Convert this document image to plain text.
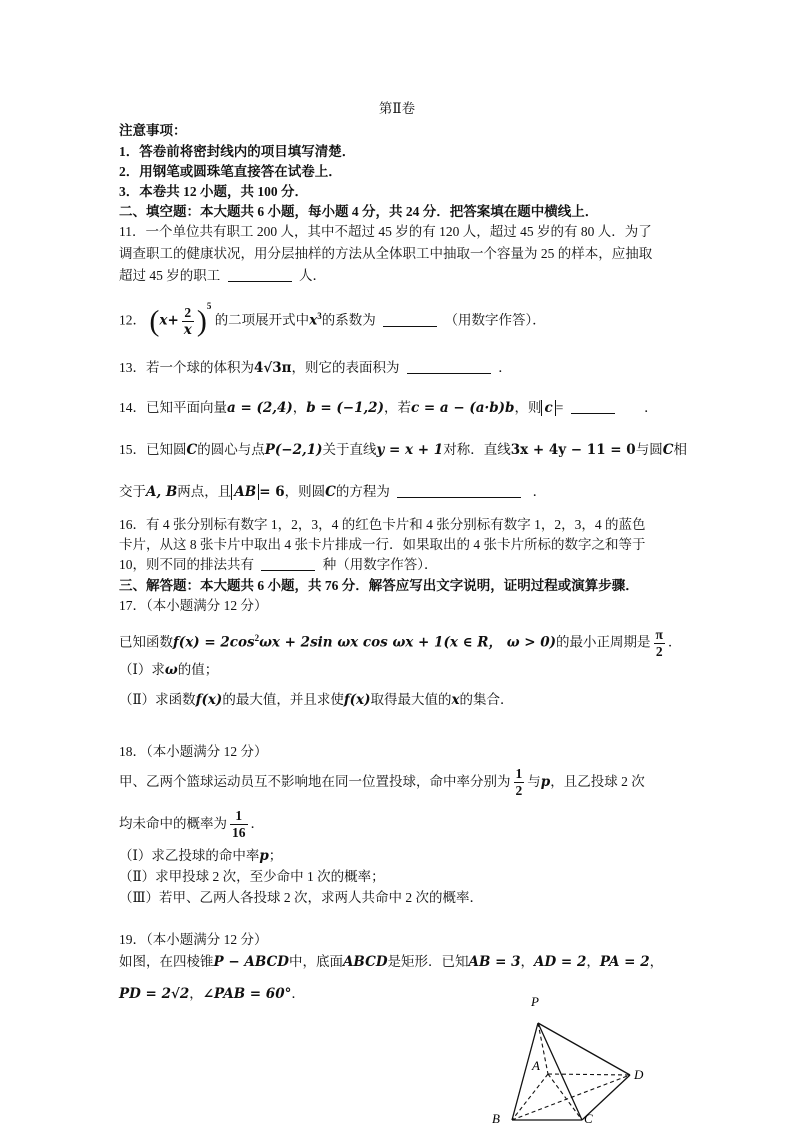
第Ⅱ卷
注意事项：
1．答卷前将密封线内的项目填写清楚．
2．用钢笔或圆珠笔直接答在试卷上．
3．本卷共 12 小题，共 100 分．
二、填空题：本大题共 6 小题，每小题 4 分，共 24 分．把答案填在题中横线上．
11．一个单位共有职工 200 人，其中不超过 45 岁的有 120 人，超过 45 岁的有 80 人．为了
调查职工的健康状况，用分层抽样的方法从全体职工中抽取一个容量为 25 的样本，应抽取
超过 45 岁的职工	人．
12． $(x+ \frac{2}{x} )^5$ 的二项展开式中$x^3$的系数为	（用数字作答）．
13．若一个球的体积为4√3π，则它的表面积为	．
14．已知平面向量a = (2,4)，b = (−1,2)，若c = a − (a·b)b，则 c =	．
15．已知圆C的圆心与点P(−2,1)关于直线y = x + 1对称．直线3x + 4y − 11 = 0与圆C相
交于A, B两点，且 AB = 6，则圆C的方程为	．
16．有 4 张分别标有数字 1，2，3，4 的红色卡片和 4 张分别标有数字 1，2，3，4 的蓝色
卡片，从这 8 张卡片中取出 4 张卡片排成一行．如果取出的 4 张卡片所标的数字之和等于
10，则不同的排法共有	种（用数字作答）．
三、解答题：本大题共 6 小题，共 76 分．解答应写出文字说明，证明过程或演算步骤．
17．（本小题满分 12 分）
已知函数$f(x) = 2\cos^2\omega x + 2\sin$ ωx cos ωx + 1(x ∈ R， ω > 0)的最小正周期是 $\frac{\pi}{2}$ ．
（Ⅰ）求ω的值；
（Ⅱ）求函数f(x)的最大值，并且求使f(x)取得最大值的x的集合．
18．（本小题满分 12 分）
甲、乙两个篮球运动员互不影响地在同一位置投球，命中率分别为 $\frac{1}{2}$ 与p，且乙投球 2 次
均未命中的概率为 $\frac{1}{16}$ ．
（Ⅰ）求乙投球的命中率p；
（Ⅱ）求甲投球 2 次，至少命中 1 次的概率；
（Ⅲ）若甲、乙两人各投球 2 次，求两人共命中 2 次的概率．
19．（本小题满分 12 分）
如图，在四棱锥P − ABCD中，底面ABCD是矩形．已知AB = 3，AD = 2，PA = 2，
PD = 2√2，∠PAB = 60°．
P
A
B	C
D
